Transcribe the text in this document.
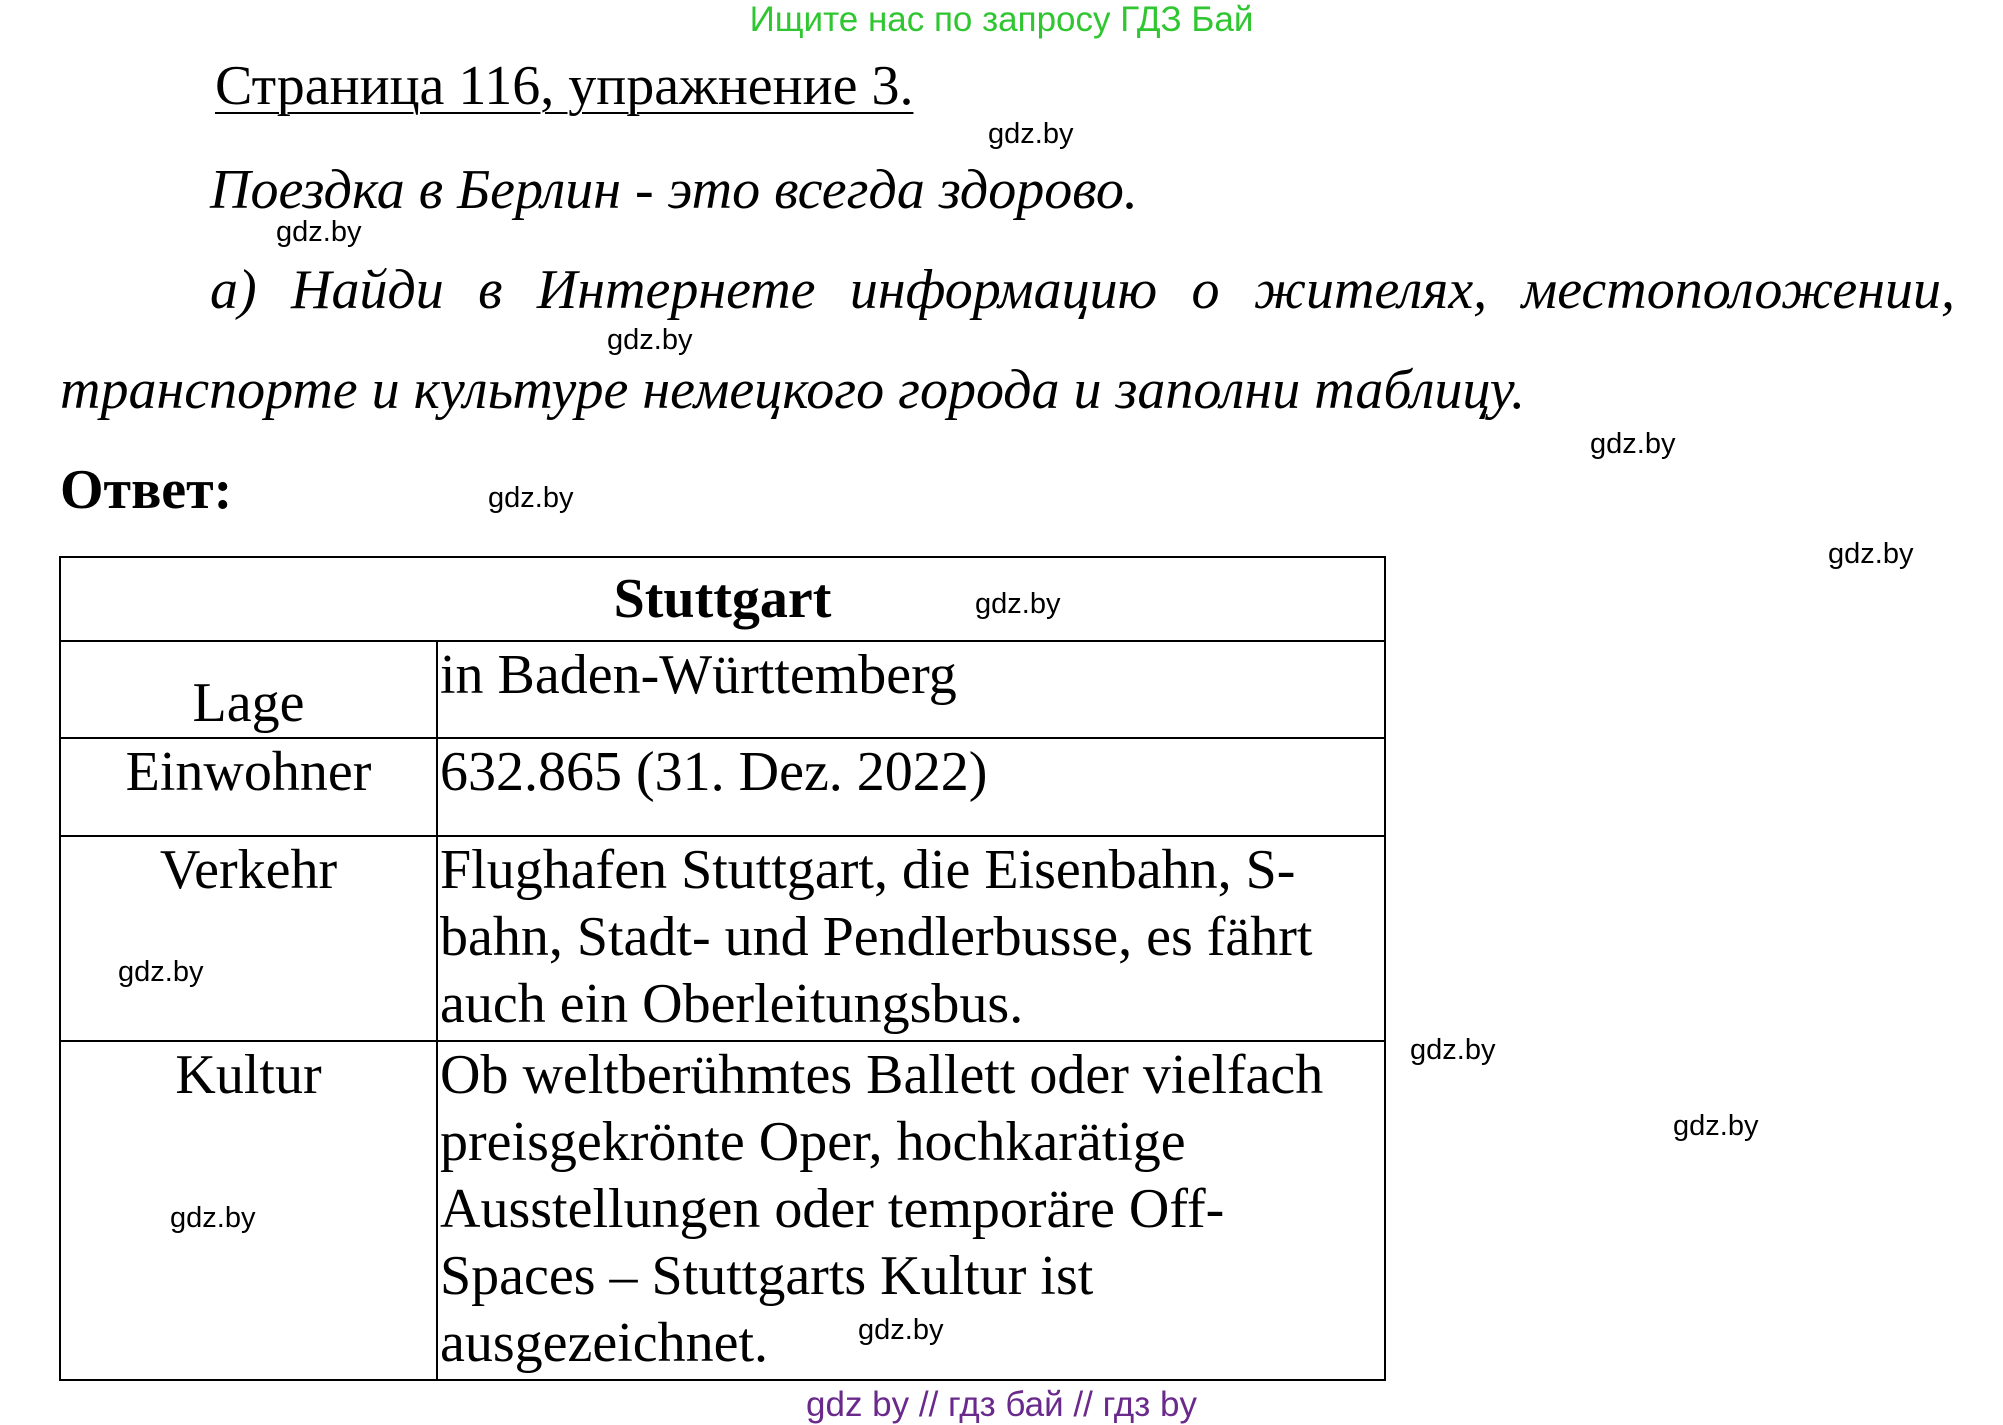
Ищите нас по запросу ГДЗ Бай
Страница 116, упражнение 3.
Поездка в Берлин - это всегда здорово.
а) Найди в Интернете информацию о жителях, местоположении,
транспорте и культуре немецкого города и заполни таблицу.
Ответ:
Stuttgart	
Lage	in Baden-Württemberg
Einwohner	632.865 (31. Dez. 2022)
Verkehr	Flughafen Stuttgart, die Eisenbahn, S-bahn, Stadt- und Pendlerbusse, es fährt auch ein Oberleitungsbus.
Kultur	Ob weltberühmtes Ballett oder vielfach preisgekrönte Oper, hochkarätige Ausstellungen oder temporäre Off-Spaces – Stuttgarts Kultur ist ausgezeichnet.
gdz.by
gdz.by
gdz.by
gdz.by
gdz.by
gdz.by
gdz.by
gdz.by
gdz.by
gdz.by
gdz.by
gdz.by
gdz by // гдз бай // гдз by
